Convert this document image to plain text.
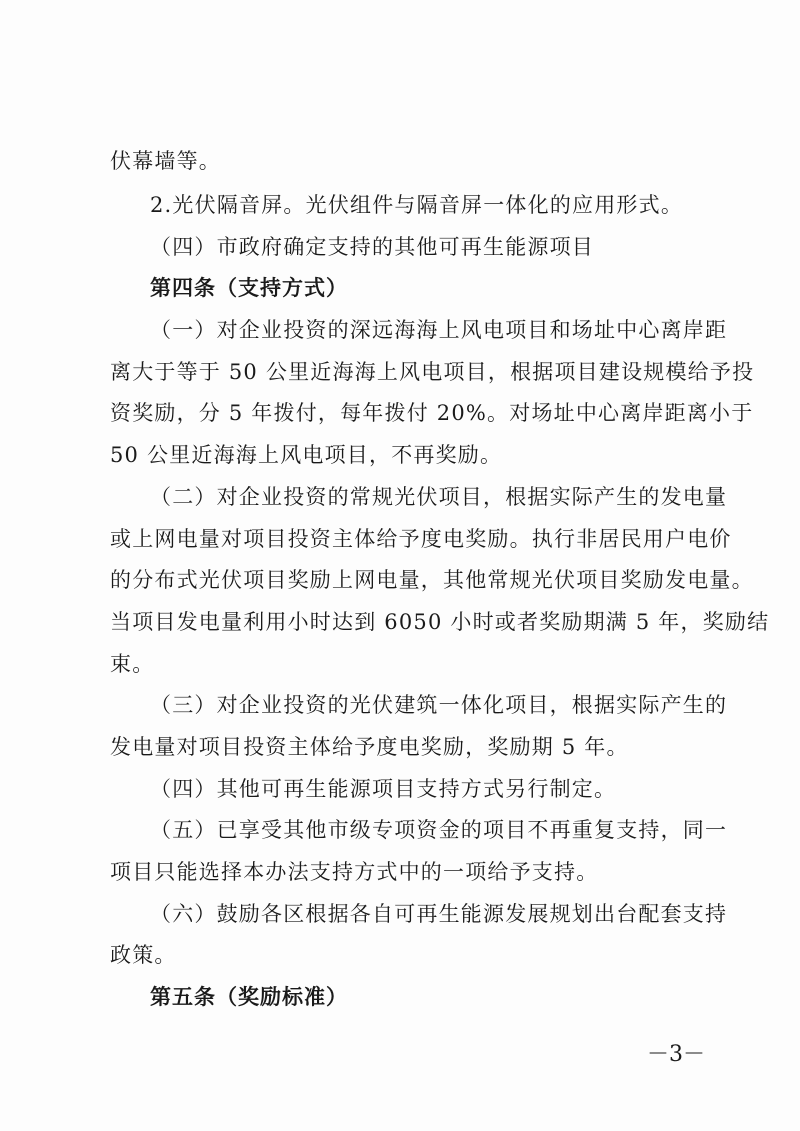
伏幕墙等。
2.光伏隔音屏。光伏组件与隔音屏一体化的应用形式。
（四）市政府确定支持的其他可再生能源项目
第四条（支持方式）
（一）对企业投资的深远海海上风电项目和场址中心离岸距
离大于等于 50 公里近海海上风电项目，根据项目建设规模给予投
资奖励，分 5 年拨付，每年拨付 20%。对场址中心离岸距离小于
50 公里近海海上风电项目，不再奖励。
（二）对企业投资的常规光伏项目，根据实际产生的发电量
或上网电量对项目投资主体给予度电奖励。执行非居民用户电价
的分布式光伏项目奖励上网电量，其他常规光伏项目奖励发电量。
当项目发电量利用小时达到 6050 小时或者奖励期满 5 年，奖励结
束。
（三）对企业投资的光伏建筑一体化项目，根据实际产生的
发电量对项目投资主体给予度电奖励，奖励期 5 年。
（四）其他可再生能源项目支持方式另行制定。
（五）已享受其他市级专项资金的项目不再重复支持，同一
项目只能选择本办法支持方式中的一项给予支持。
（六）鼓励各区根据各自可再生能源发展规划出台配套支持
政策。
第五条（奖励标准）
－3－
